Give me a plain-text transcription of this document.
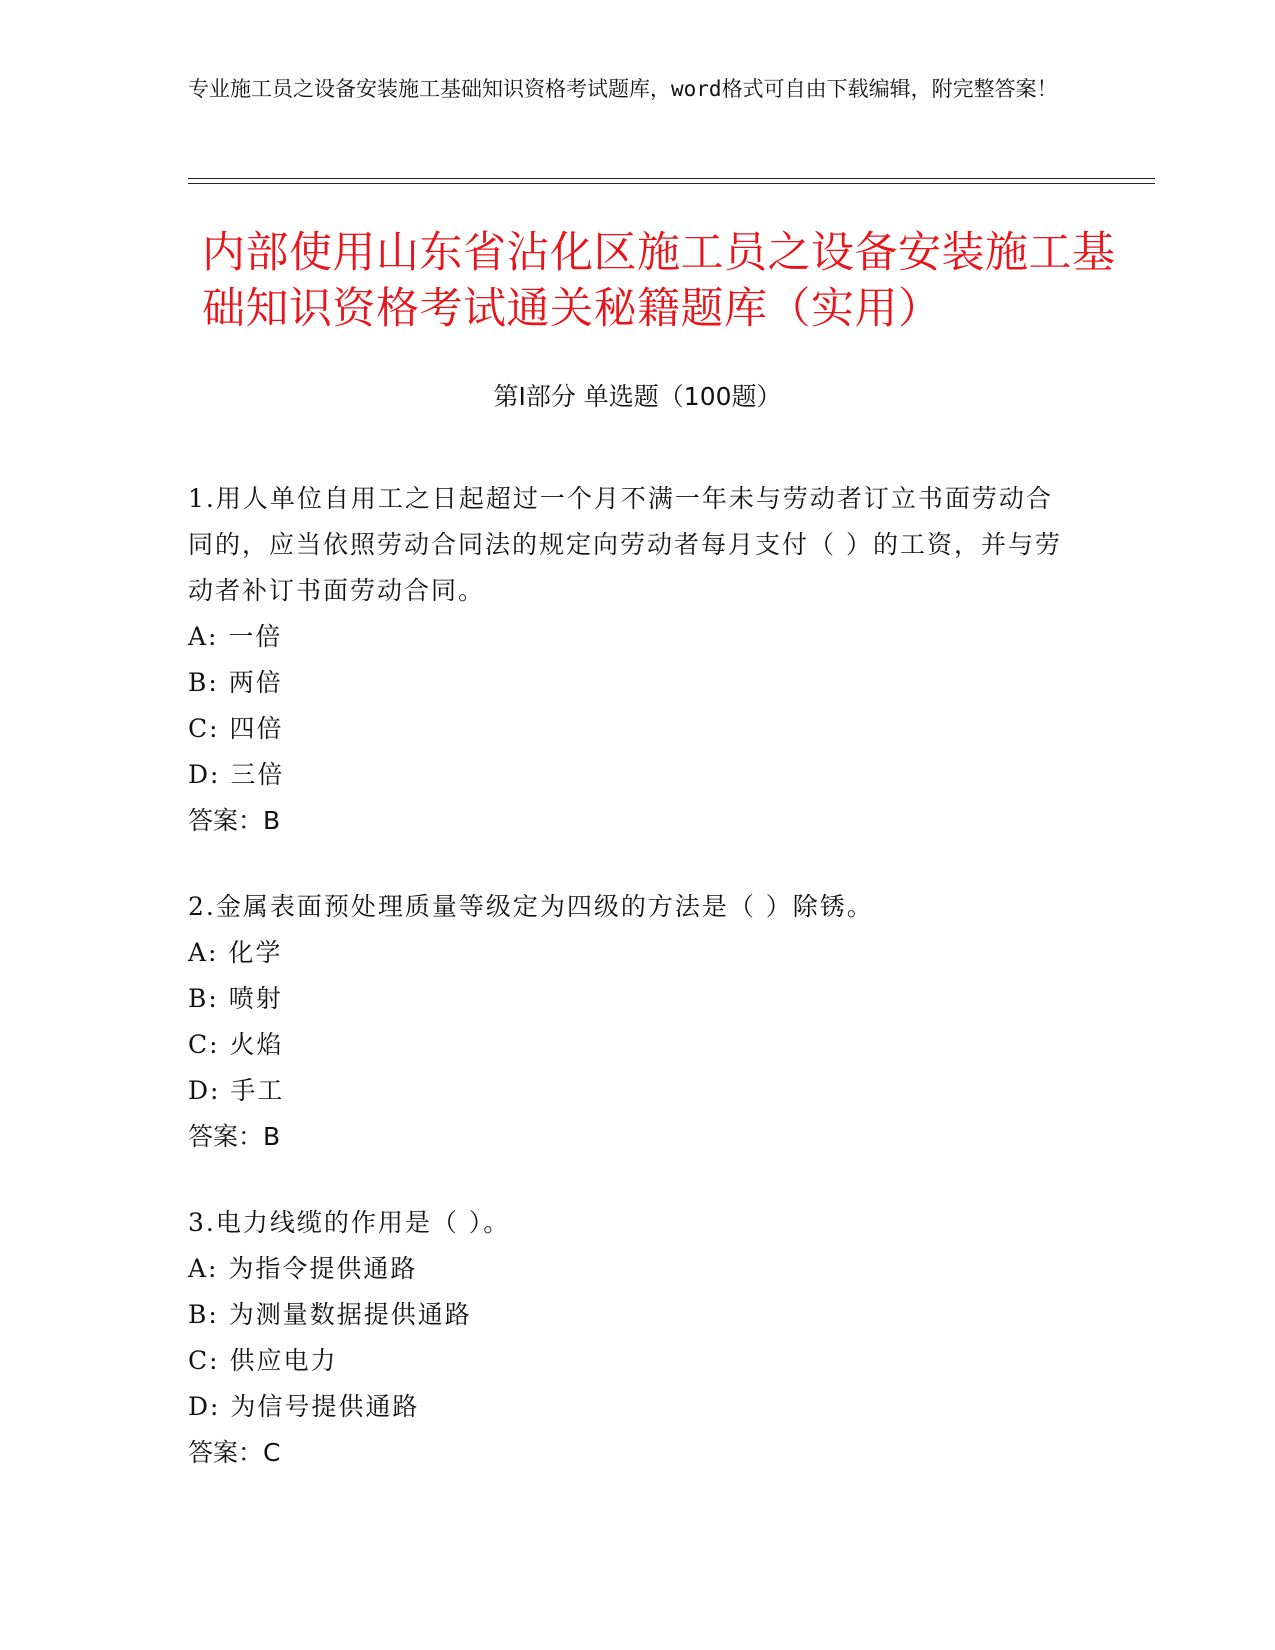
专业施工员之设备安装施工基础知识资格考试题库，word格式可自由下载编辑，附完整答案！
内部使用山东省沾化区施工员之设备安装施工基础知识资格考试通关秘籍题库（实用）
第Ⅰ部分 单选题（100题）
1.用人单位自用工之日起超过一个月不满一年未与劳动者订立书面劳动合同的，应当依照劳动合同法的规定向劳动者每月支付（ ）的工资，并与劳动者补订书面劳动合同。
A: 一倍
B: 两倍
C: 四倍
D: 三倍
答案：B
2.金属表面预处理质量等级定为四级的方法是（ ）除锈。
A: 化学
B: 喷射
C: 火焰
D: 手工
答案：B
3.电力线缆的作用是（ ）。
A: 为指令提供通路
B: 为测量数据提供通路
C: 供应电力
D: 为信号提供通路
答案：C
